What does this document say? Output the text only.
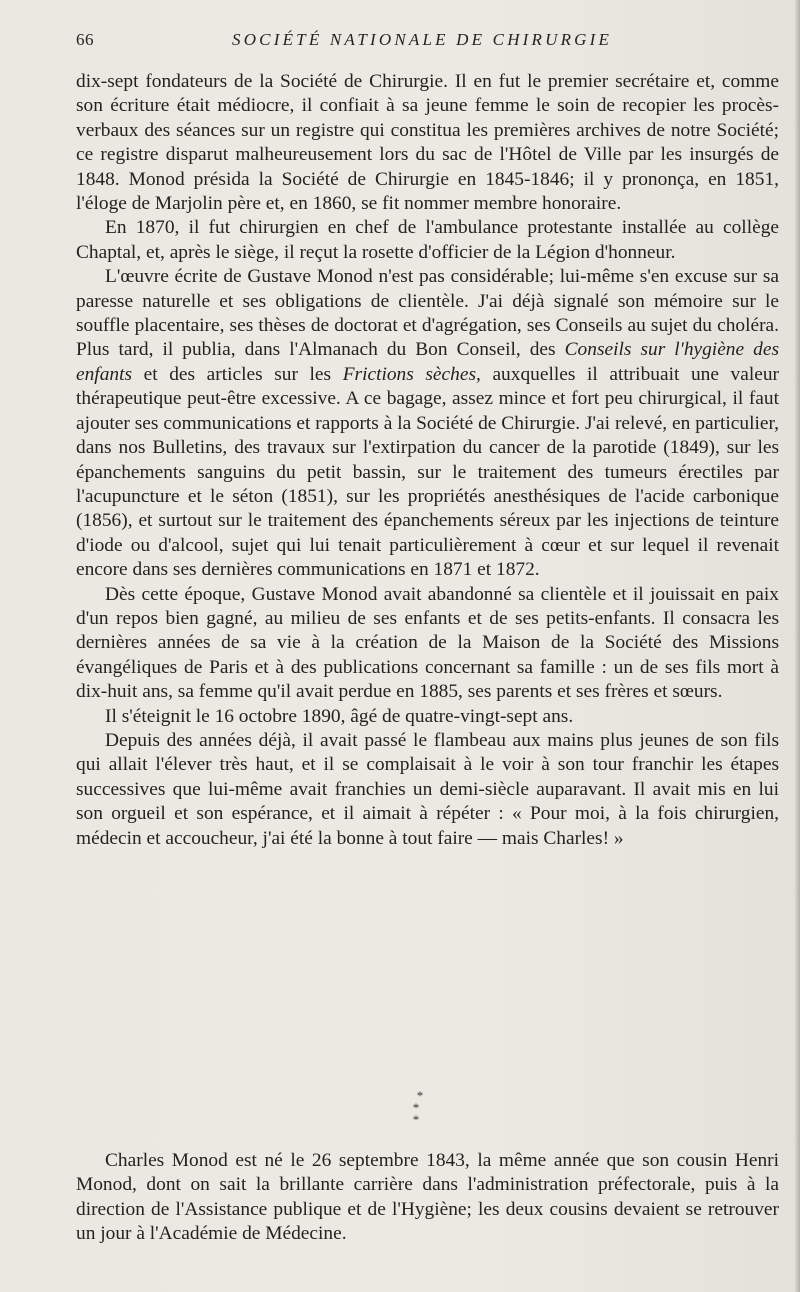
66	SOCIÉTÉ NATIONALE DE CHIRURGIE

dix-sept fondateurs de la Société de Chirurgie. Il en fut le premier secrétaire et, comme son écriture était médiocre, il confiait à sa jeune femme le soin de recopier les procès-verbaux des séances sur un registre qui constitua les premières archives de notre Société; ce registre disparut malheureusement lors du sac de l'Hôtel de Ville par les insurgés de 1848. Monod présida la Société de Chirurgie en 1845-1846; il y prononça, en 1851, l'éloge de Marjolin père et, en 1860, se fit nommer membre honoraire.

En 1870, il fut chirurgien en chef de l'ambulance protestante installée au collège Chaptal, et, après le siège, il reçut la rosette d'officier de la Légion d'honneur.

L'œuvre écrite de Gustave Monod n'est pas considérable; lui-même s'en excuse sur sa paresse naturelle et ses obligations de clientèle. J'ai déjà signalé son mémoire sur le souffle placentaire, ses thèses de doctorat et d'agrégation, ses Conseils au sujet du choléra. Plus tard, il publia, dans l'Almanach du Bon Conseil, des Conseils sur l'hygiène des enfants et des articles sur les Frictions sèches, auxquelles il attribuait une valeur thérapeutique peut-être excessive. A ce bagage, assez mince et fort peu chirurgical, il faut ajouter ses communications et rapports à la Société de Chirurgie. J'ai relevé, en particulier, dans nos Bulletins, des travaux sur l'extirpation du cancer de la parotide (1849), sur les épanchements sanguins du petit bassin, sur le traitement des tumeurs érectiles par l'acupuncture et le séton (1851), sur les propriétés anesthésiques de l'acide carbonique (1856), et surtout sur le traitement des épanchements séreux par les injections de teinture d'iode ou d'alcool, sujet qui lui tenait particulièrement à cœur et sur lequel il revenait encore dans ses dernières communications en 1871 et 1872.

Dès cette époque, Gustave Monod avait abandonné sa clientèle et il jouissait en paix d'un repos bien gagné, au milieu de ses enfants et de ses petits-enfants. Il consacra les dernières années de sa vie à la création de la Maison de la Société des Missions évangéliques de Paris et à des publications concernant sa famille : un de ses fils mort à dix-huit ans, sa femme qu'il avait perdue en 1885, ses parents et ses frères et sœurs.

Il s'éteignit le 16 octobre 1890, âgé de quatre-vingt-sept ans.

Depuis des années déjà, il avait passé le flambeau aux mains plus jeunes de son fils qui allait l'élever très haut, et il se complaisait à le voir à son tour franchir les étapes successives que lui-même avait franchies un demi-siècle auparavant. Il avait mis en lui son orgueil et son espérance, et il aimait à répéter : « Pour moi, à la fois chirurgien, médecin et accoucheur, j'ai été la bonne à tout faire — mais Charles! »

*
* *

Charles Monod est né le 26 septembre 1843, la même année que son cousin Henri Monod, dont on sait la brillante carrière dans l'administration préfectorale, puis à la direction de l'Assistance publique et de l'Hygiène; les deux cousins devaient se retrouver un jour à l'Académie de Médecine.
